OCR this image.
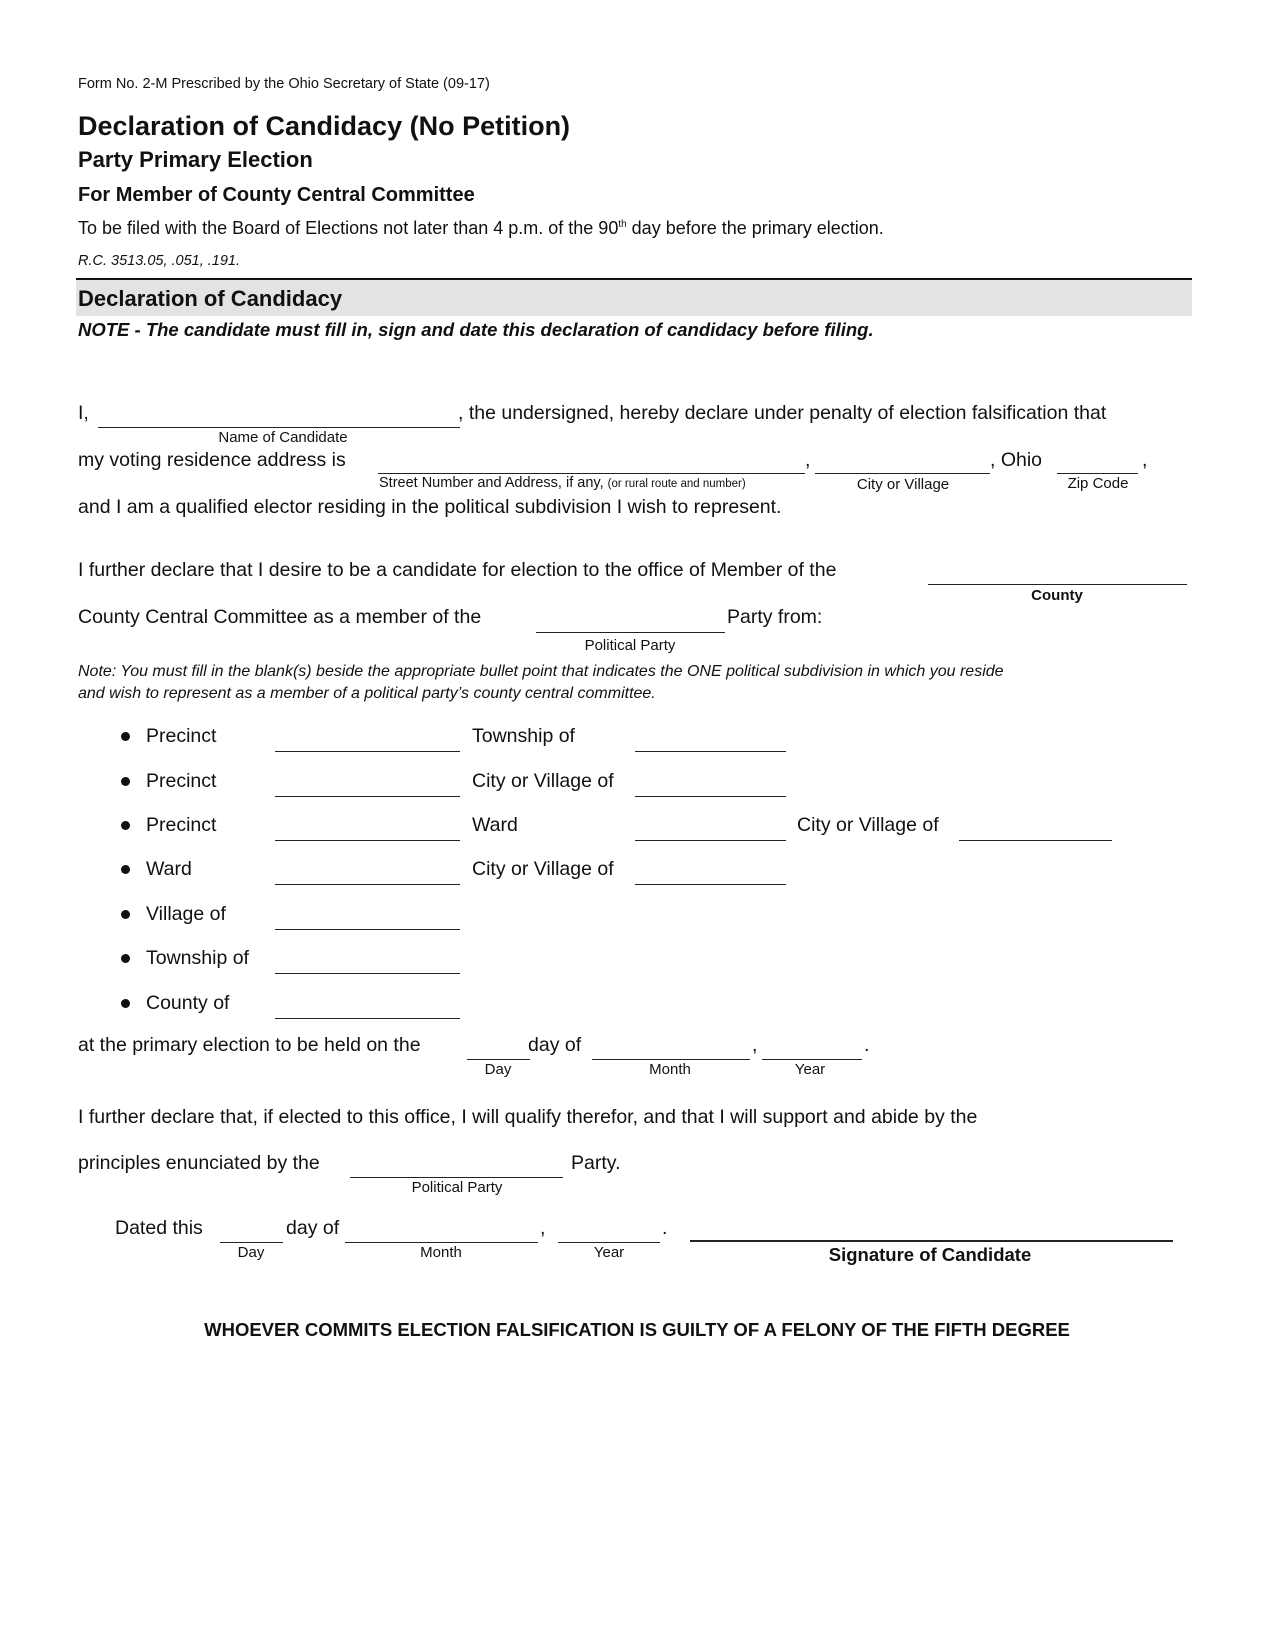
Form No. 2-M Prescribed by the Ohio Secretary of State (09-17)
Declaration of Candidacy (No Petition)
Party Primary Election
For Member of County Central Committee
To be filed with the Board of Elections not later than 4 p.m. of the 90th day before the primary election.
R.C. 3513.05, .051, .191.
Declaration of Candidacy
NOTE - The candidate must fill in, sign and date this declaration of candidacy before filing.
I,	, the undersigned, hereby declare under penalty of election falsification that
Name of Candidate
my voting residence address is	,	, Ohio	,
Street Number and Address, if any, (or rural route and number)	City or Village	Zip Code
and I am a qualified elector residing in the political subdivision I wish to represent.
I further declare that I desire to be a candidate for election to the office of Member of the
County
County Central Committee as a member of the	Party from:
Political Party
Note: You must fill in the blank(s) beside the appropriate bullet point that indicates the ONE political subdivision in which you reside
and wish to represent as a member of a political party’s county central committee.
Precinct	Township of
Precinct	City or Village of
Precinct	Ward	City or Village of
Ward	City or Village of
Village of
Township of
County of
at the primary election to be held on the	day of	,	.
Day	Month	Year
I further declare that, if elected to this office, I will qualify therefor, and that I will support and abide by the
principles enunciated by the	Party.
Political Party
Dated this	day of	,	.
Day	Month	Year	Signature of Candidate
WHOEVER COMMITS ELECTION FALSIFICATION IS GUILTY OF A FELONY OF THE FIFTH DEGREE
